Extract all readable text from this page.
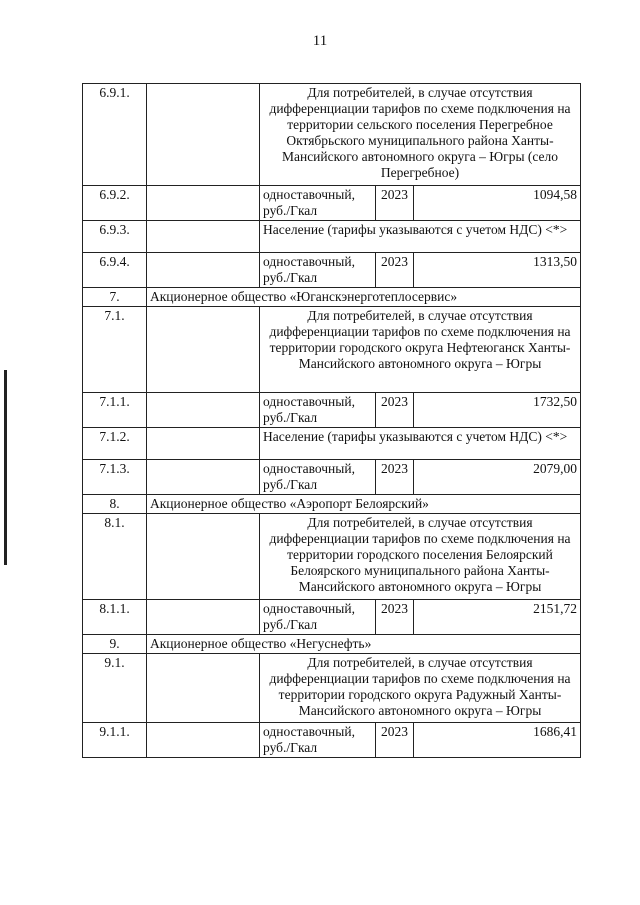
11
6.9.1.		Для потребителей, в случае отсутствия дифференциации тарифов по схеме подключения на территории сельского поселения Перегребное Октябрьского муниципального района Ханты-Мансийского автономного округа – Югры (село Перегребное)		
6.9.2.		одноставочный, руб./Гкал	2023	1094,58
6.9.3.		Население (тарифы указываются с учетом НДС) <*>		
6.9.4.		одноставочный, руб./Гкал	2023	1313,50
7.	Акционерное общество «Юганскэнерготеплосервис»			
7.1.		Для потребителей, в случае отсутствия дифференциации тарифов по схеме подключения на территории городского округа Нефтеюганск Ханты-Мансийского автономного округа – Югры		
7.1.1.		одноставочный, руб./Гкал	2023	1732,50
7.1.2.		Население (тарифы указываются с учетом НДС) <*>		
7.1.3.		одноставочный, руб./Гкал	2023	2079,00
8.	Акционерное общество «Аэропорт Белоярский»			
8.1.		Для потребителей, в случае отсутствия дифференциации тарифов по схеме подключения на территории городского поселения Белоярский Белоярского муниципального района Ханты-Мансийского автономного округа – Югры		
8.1.1.		одноставочный, руб./Гкал	2023	2151,72
9.	Акционерное общество «Негуснефть»			
9.1.		Для потребителей, в случае отсутствия дифференциации тарифов по схеме подключения на территории городского округа Радужный Ханты-Мансийского автономного округа – Югры		
9.1.1.		одноставочный, руб./Гкал	2023	1686,41
